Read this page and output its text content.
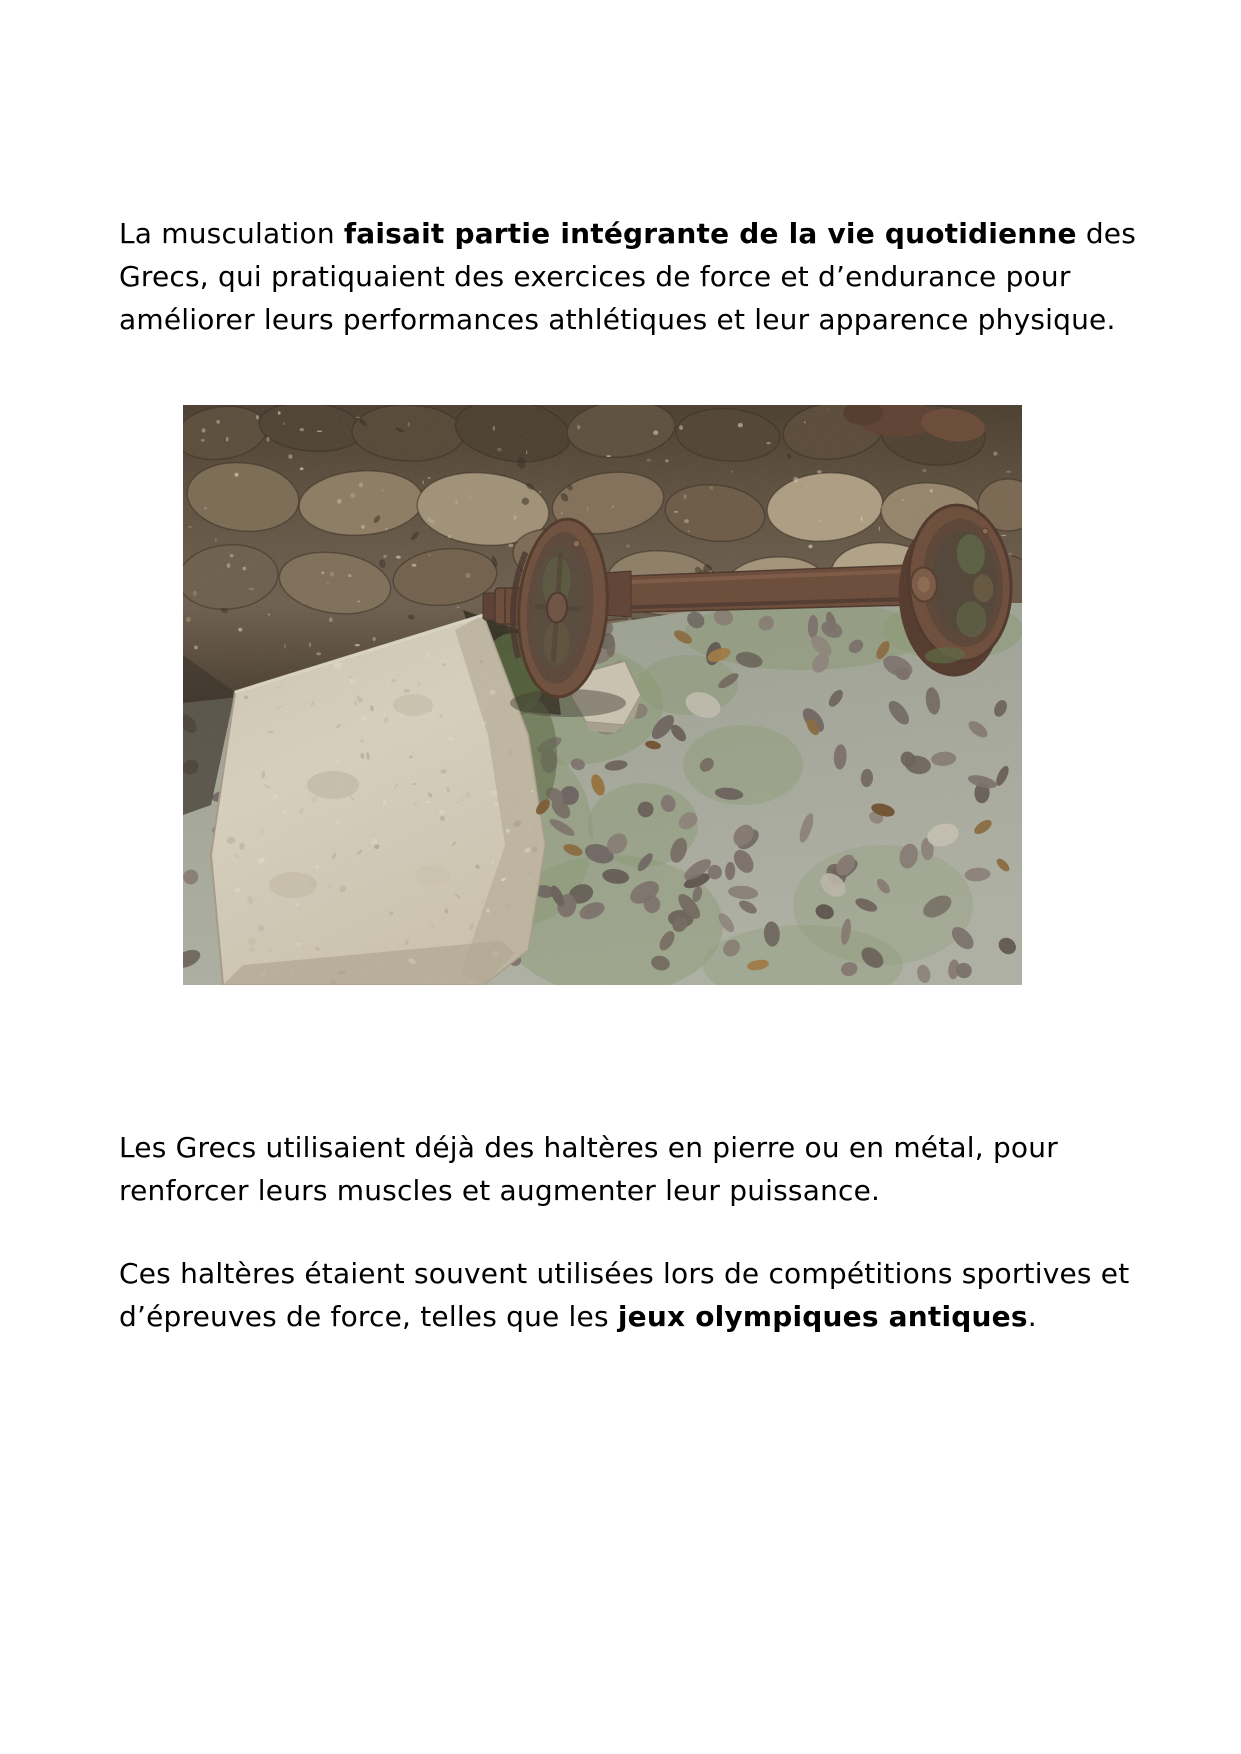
La musculation faisait partie intégrante de la vie quotidienne des
Grecs, qui pratiquaient des exercices de force et d’endurance pour
améliorer leurs performances athlétiques et leur apparence physique.
Les Grecs utilisaient déjà des haltères en pierre ou en métal, pour
renforcer leurs muscles et augmenter leur puissance.
Ces haltères étaient souvent utilisées lors de compétitions sportives et
d’épreuves de force, telles que les jeux olympiques antiques.
